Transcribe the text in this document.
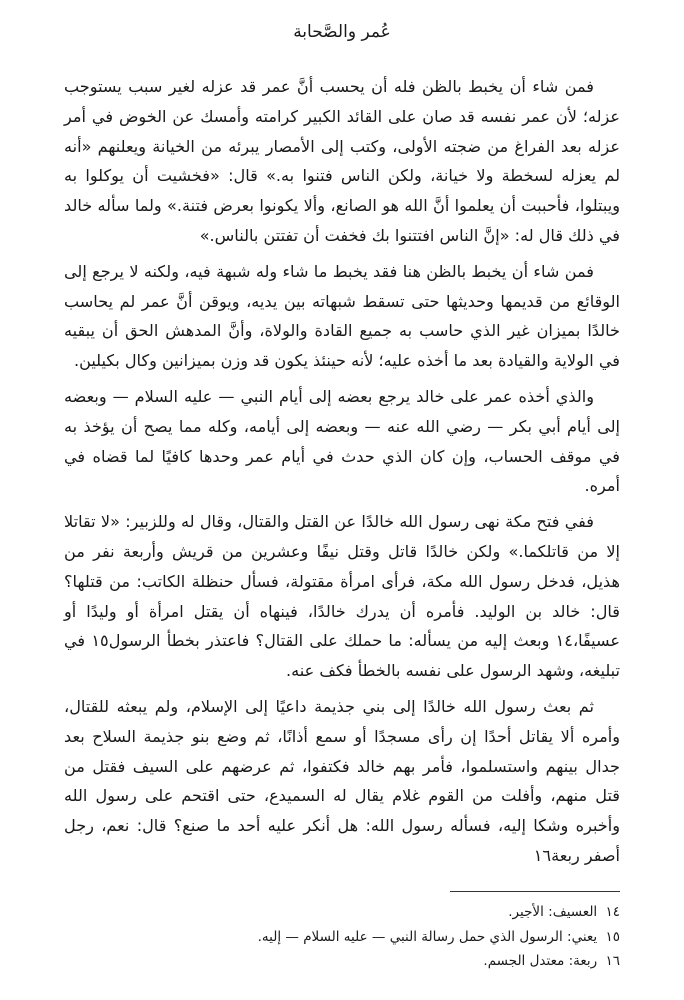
عُمر والصَّحابة

فمن شاء أن يخبط بالظن فله أن يحسب أنَّ عمر قد عزله لغير سبب يستوجب عزله؛ لأن عمر نفسه قد صان على القائد الكبير كرامته وأمسك عن الخوض في أمر عزله بعد الفراغ من ضجته الأولى، وكتب إلى الأمصار يبرئه من الخيانة ويعلنهم «أنه لم يعزله لسخطة ولا خيانة، ولكن الناس فتنوا به.» قال: «فخشيت أن يوكلوا به ويبتلوا، فأحببت أن يعلموا أنَّ الله هو الصانع، وألا يكونوا بعرض فتنة.» ولما سأله خالد في ذلك قال له: «إنَّ الناس افتتنوا بك فخفت أن تفتتن بالناس.»

فمن شاء أن يخبط بالظن هنا فقد يخبط ما شاء وله شبهة فيه، ولكنه لا يرجع إلى الوقائع من قديمها وحديثها حتى تسقط شبهاته بين يديه، ويوقن أنَّ عمر لم يحاسب خالدًا بميزان غير الذي حاسب به جميع القادة والولاة، وأنَّ المدهش الحق أن يبقيه في الولاية والقيادة بعد ما أخذه عليه؛ لأنه حينئذ يكون قد وزن بميزانين وكال بكيلين.

والذي أخذه عمر على خالد يرجع بعضه إلى أيام النبي — عليه السلام — وبعضه إلى أيام أبي بكر — رضي الله عنه — وبعضه إلى أيامه، وكله مما يصح أن يؤخذ به في موقف الحساب، وإن كان الذي حدث في أيام عمر وحدها كافيًا لما قضاه في أمره.

ففي فتح مكة نهى رسول الله خالدًا عن القتل والقتال، وقال له وللزبير: «لا تقاتلا إلا من قاتلكما.» ولكن خالدًا قاتل وقتل نيفًا وعشرين من قريش وأربعة نفر من هذيل، فدخل رسول الله مكة، فرأى امرأة مقتولة، فسأل حنظلة الكاتب: من قتلها؟ قال: خالد بن الوليد. فأمره أن يدرك خالدًا، فينهاه أن يقتل امرأة أو وليدًا أو عسيفًا،١٤ وبعث إليه من يسأله: ما حملك على القتال؟ فاعتذر بخطأ الرسول١٥ في تبليغه، وشهد الرسول على نفسه بالخطأ فكف عنه.

ثم بعث رسول الله خالدًا إلى بني جذيمة داعيًا إلى الإسلام، ولم يبعثه للقتال، وأمره ألا يقاتل أحدًا إن رأى مسجدًا أو سمع أذانًا، ثم وضع بنو جذيمة السلاح بعد جدال بينهم واستسلموا، فأمر بهم خالد فكتفوا، ثم عرضهم على السيف فقتل من قتل منهم، وأفلت من القوم غلام يقال له السميدع، حتى اقتحم على رسول الله وأخبره وشكا إليه، فسأله رسول الله: هل أنكر عليه أحد ما صنع؟ قال: نعم، رجل أصفر ربعة١٦

١٤ العسيف: الأجير.

١٥ يعني: الرسول الذي حمل رسالة النبي — عليه السلام — إليه.

١٦ ربعة: معتدل الجسم.
